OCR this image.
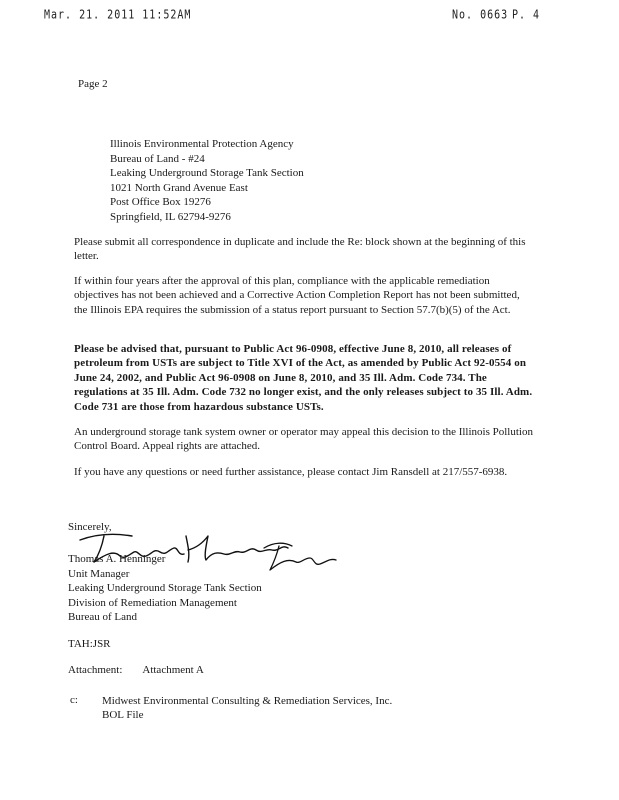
Mar. 21. 2011 11:52AM	No. 0663 P. 4
Page 2
Illinois Environmental Protection Agency
Bureau of Land - #24
Leaking Underground Storage Tank Section
1021 North Grand Avenue East
Post Office Box 19276
Springfield, IL 62794-9276
Please submit all correspondence in duplicate and include the Re: block shown at the beginning of this letter.
If within four years after the approval of this plan, compliance with the applicable remediation objectives has not been achieved and a Corrective Action Completion Report has not been submitted, the Illinois EPA requires the submission of a status report pursuant to Section 57.7(b)(5) of the Act.
Please be advised that, pursuant to Public Act 96-0908, effective June 8, 2010, all releases of petroleum from USTs are subject to Title XVI of the Act, as amended by Public Act 92-0554 on June 24, 2002, and Public Act 96-0908 on June 8, 2010, and 35 Ill. Adm. Code 734. The regulations at 35 Ill. Adm. Code 732 no longer exist, and the only releases subject to 35 Ill. Adm. Code 731 are those from hazardous substance USTs.
An underground storage tank system owner or operator may appeal this decision to the Illinois Pollution Control Board. Appeal rights are attached.
If you have any questions or need further assistance, please contact Jim Ransdell at 217/557-6938.
Sincerely,
Thomas A. Henninger
Unit Manager
Leaking Underground Storage Tank Section
Division of Remediation Management
Bureau of Land
TAH:JSR
Attachment: Attachment A
c: Midwest Environmental Consulting & Remediation Services, Inc.
BOL File
